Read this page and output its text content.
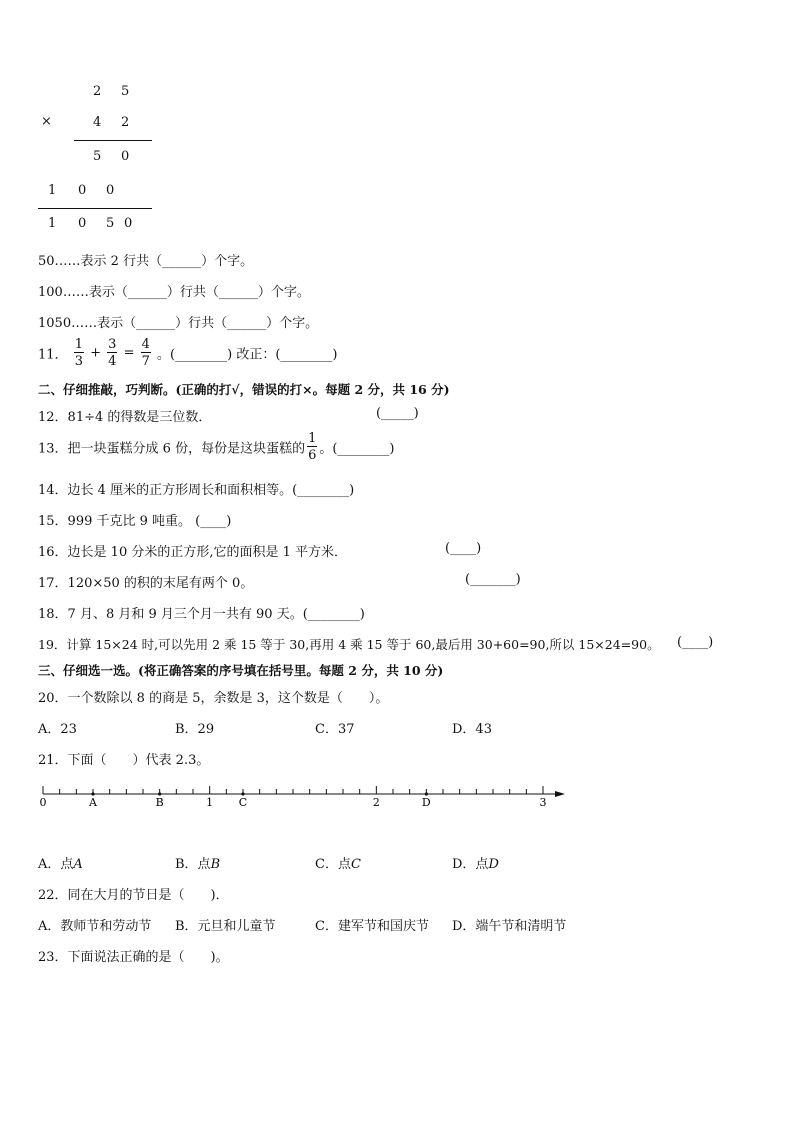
2 5
×	4 2
5 0
1 0 0
1 0 5 0
50……表示 2 行共（______）个字。
100……表示（______）行共（______）个字。
1050……表示（______）行共（______）个字。
11． $\frac{1}{3} + \frac{3}{4} = \frac{4}{7}$ 。(________) 改正：(________)
二、仔细推敲，巧判断。(正确的打√，错误的打×。每题 2 分，共 16 分)
12．81÷4 的得数是三位数．	(_____)
13．把一块蛋糕分成 6 份，每份是这块蛋糕的 $\frac{1}{6}$ 。(________)
14．边长 4 厘米的正方形周长和面积相等。(________)
15．999 千克比 9 吨重。 (____)
16．边长是 10 分米的正方形,它的面积是 1 平方米．	(____)
17．120×50 的积的末尾有两个 0。	(_______)
18．7 月、8 月和 9 月三个月一共有 90 天。(________)
19．计算 15×24 时,可以先用 2 乘 15 等于 30,再用 4 乘 15 等于 60,最后用 30+60=90,所以 15×24=90。 (____)
三、仔细选一选。(将正确答案的序号填在括号里。每题 2 分，共 10 分)
20．一个数除以 8 的商是 5，余数是 3，这个数是（　　）。
A．23	B．29	C．37	D．43
21．下面（　　）代表 2.3。
0	1	2	3
A	B	C	D
A．点A	B．点B	C．点C	D．点D
22．同在大月的节日是（　　)．
A．教师节和劳动节 B．元旦和儿童节	C．建军节和国庆节 D．端午节和清明节
23．下面说法正确的是（　　)。
